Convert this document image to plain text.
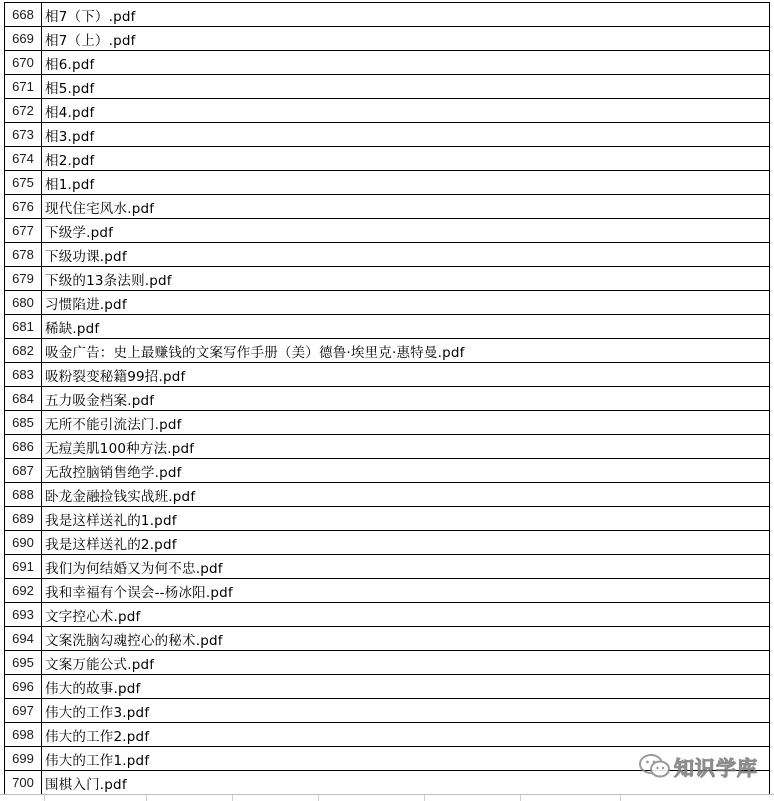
668	相7（下）.pdf
669	相7（上）.pdf
670	相6.pdf
671	相5.pdf
672	相4.pdf
673	相3.pdf
674	相2.pdf
675	相1.pdf
676	现代住宅风水.pdf
677	下级学.pdf
678	下级功课.pdf
679	下级的13条法则.pdf
680	习惯陷进.pdf
681	稀缺.pdf
682	吸金广告：史上最赚钱的文案写作手册（美）德鲁·埃里克·惠特曼.pdf
683	吸粉裂变秘籍99招.pdf
684	五力吸金档案.pdf
685	无所不能引流法门.pdf
686	无痘美肌100种方法.pdf
687	无敌控脑销售绝学.pdf
688	卧龙金融捡钱实战班.pdf
689	我是这样送礼的1.pdf
690	我是这样送礼的2.pdf
691	我们为何结婚又为何不忠.pdf
692	我和幸福有个误会--杨冰阳.pdf
693	文字控心术.pdf
694	文案洗脑勾魂控心的秘术.pdf
695	文案万能公式.pdf
696	伟大的故事.pdf
697	伟大的工作3.pdf
698	伟大的工作2.pdf
699	伟大的工作1.pdf
700	围棋入门.pdf
知识学库
